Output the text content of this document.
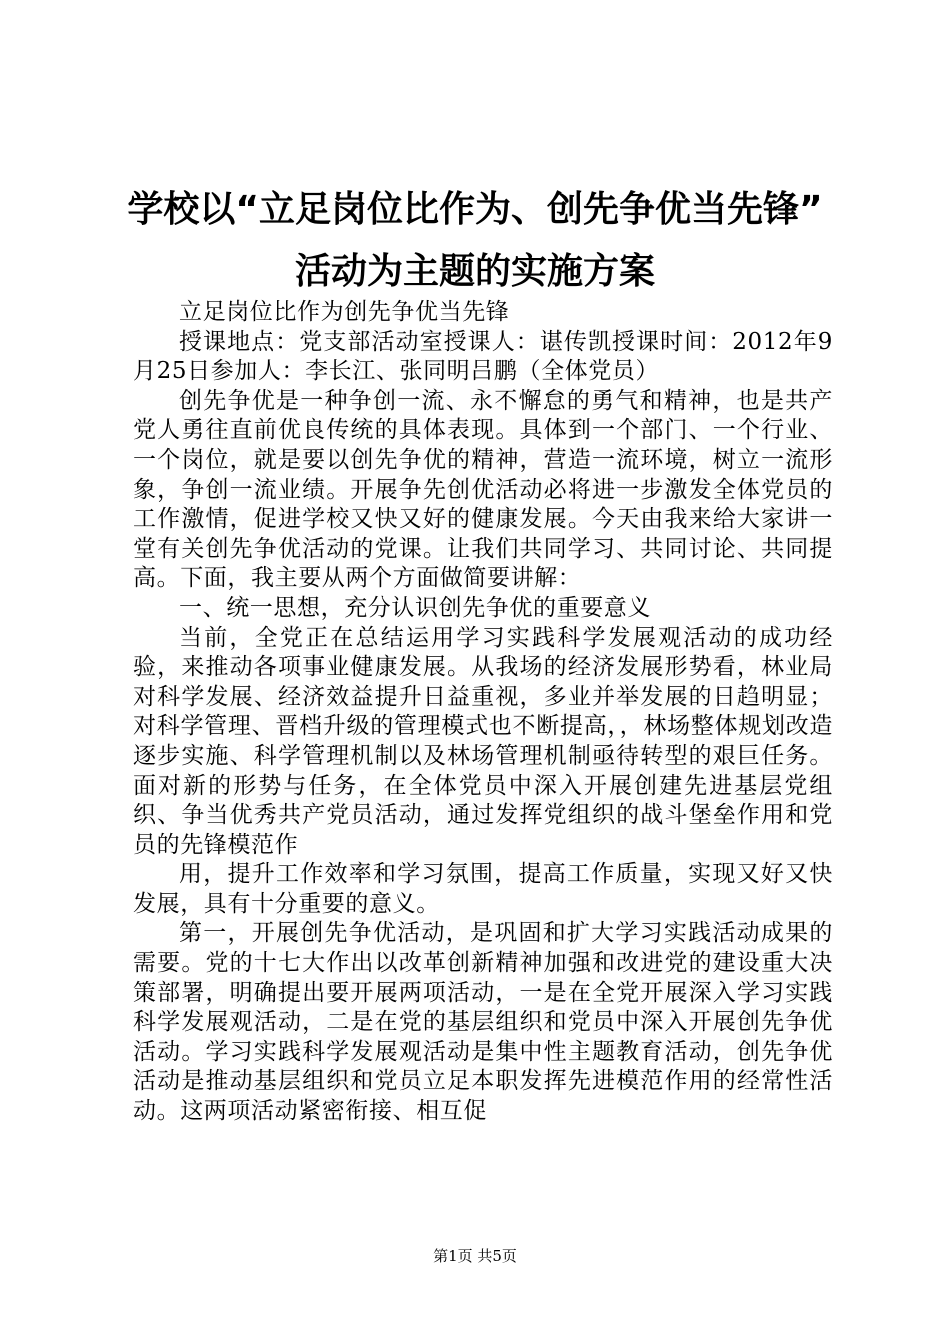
学校以“立足岗位比作为、创先争优当先锋”
活动为主题的实施方案

立足岗位比作为创先争优当先锋

授课地点：党支部活动室授课人：谌传凯授课时间：2012年9月25日参加人：李长江、张同明吕鹏（全体党员）

创先争优是一种争创一流、永不懈怠的勇气和精神，也是共产党人勇往直前优良传统的具体表现。具体到一个部门、一个行业、一个岗位，就是要以创先争优的精神，营造一流环境，树立一流形象，争创一流业绩。开展争先创优活动必将进一步激发全体党员的工作激情，促进学校又快又好的健康发展。今天由我来给大家讲一堂有关创先争优活动的党课。让我们共同学习、共同讨论、共同提高。下面，我主要从两个方面做简要讲解：

一、统一思想，充分认识创先争优的重要意义

当前，全党正在总结运用学习实践科学发展观活动的成功经验，来推动各项事业健康发展。从我场的经济发展形势看，林业局对科学发展、经济效益提升日益重视，多业并举发展的日趋明显；对科学管理、晋档升级的管理模式也不断提高，，林场整体规划改造逐步实施、科学管理机制以及林场管理机制亟待转型的艰巨任务。面对新的形势与任务，在全体党员中深入开展创建先进基层党组织、争当优秀共产党员活动，通过发挥党组织的战斗堡垒作用和党员的先锋模范作

用，提升工作效率和学习氛围，提高工作质量，实现又好又快发展，具有十分重要的意义。

第一，开展创先争优活动，是巩固和扩大学习实践活动成果的需要。党的十七大作出以改革创新精神加强和改进党的建设重大决策部署，明确提出要开展两项活动，一是在全党开展深入学习实践科学发展观活动，二是在党的基层组织和党员中深入开展创先争优活动。学习实践科学发展观活动是集中性主题教育活动，创先争优活动是推动基层组织和党员立足本职发挥先进模范作用的经常性活动。这两项活动紧密衔接、相互促

第1页 共5页
